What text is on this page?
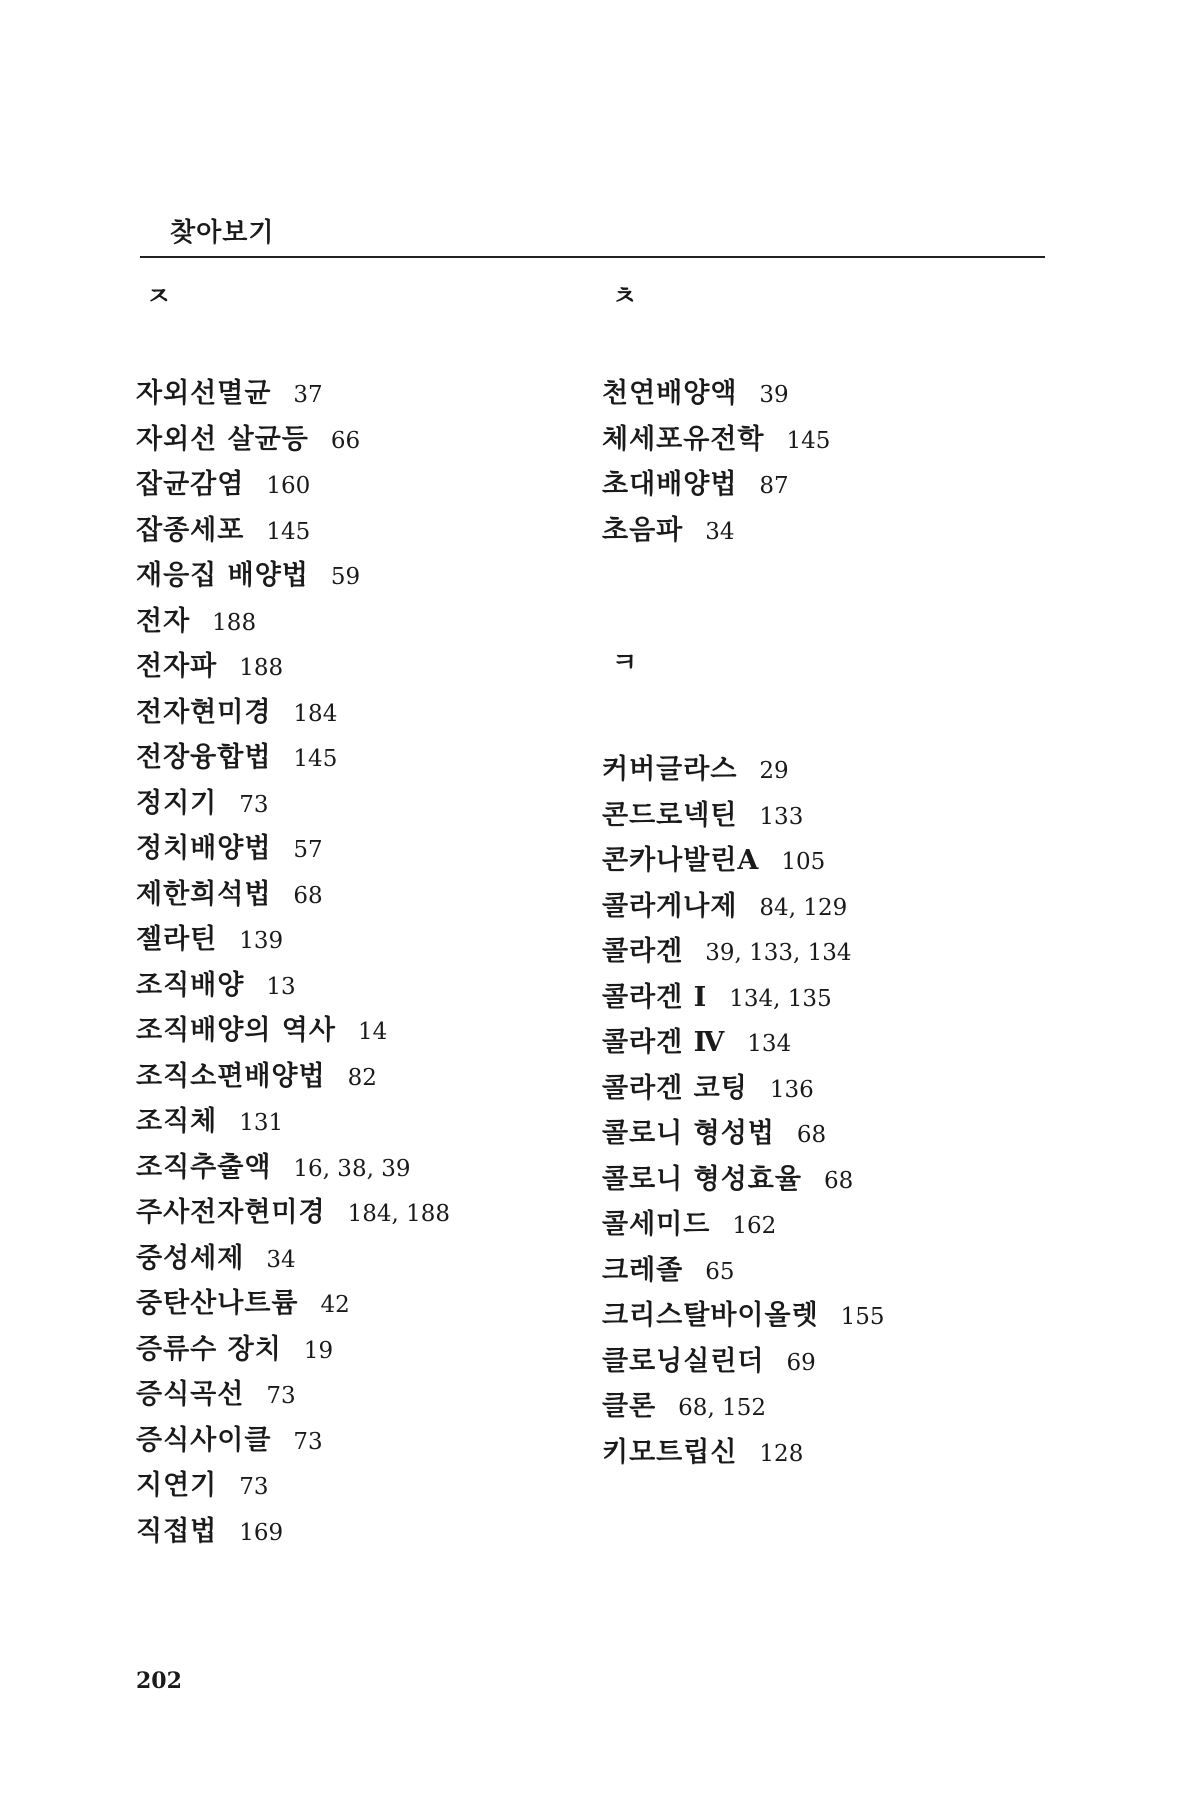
찾아보기
ㅈ
자외선멸균 37
자외선 살균등 66
잡균감염 160
잡종세포 145
재응집 배양법 59
전자 188
전자파 188
전자현미경 184
전장융합법 145
정지기 73
정치배양법 57
제한희석법 68
젤라틴 139
조직배양 13
조직배양의 역사 14
조직소편배양법 82
조직체 131
조직추출액 16, 38, 39
주사전자현미경 184, 188
중성세제 34
중탄산나트륨 42
증류수 장치 19
증식곡선 73
증식사이클 73
지연기 73
직접법 169
ㅊ
천연배양액 39
체세포유전학 145
초대배양법 87
초음파 34
ㅋ
커버글라스 29
콘드로넥틴 133
콘카나발린A 105
콜라게나제 84, 129
콜라겐 39, 133, 134
콜라겐 Ⅰ 134, 135
콜라겐 Ⅳ 134
콜라겐 코팅 136
콜로니 형성법 68
콜로니 형성효율 68
콜세미드 162
크레졸 65
크리스탈바이올렛 155
클로닝실린더 69
클론 68, 152
키모트립신 128
202
